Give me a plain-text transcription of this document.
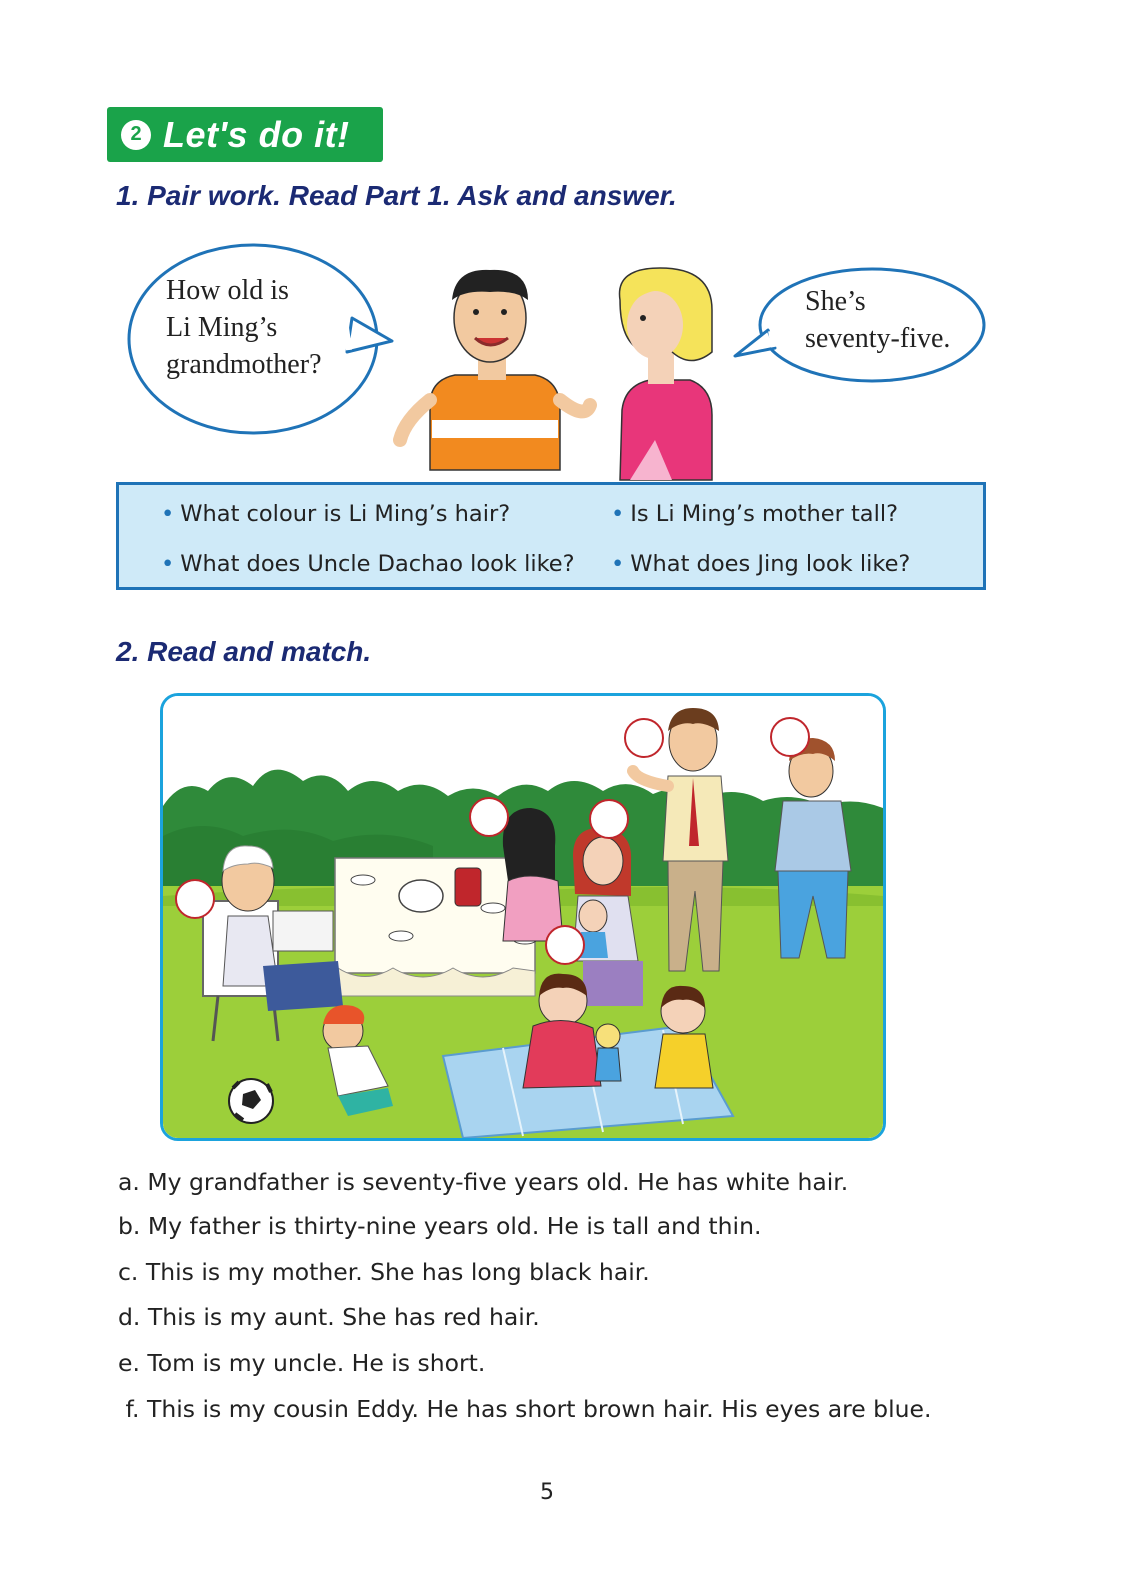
2 Let's do it!
1. Pair work. Read Part 1. Ask and answer.
How old is
Li Ming’s
grandmother?
She’s
seventy-five.
• What colour is Li Ming’s hair?	• Is Li Ming’s mother tall?
• What does Uncle Dachao look like? • What does Jing look like?
2. Read and match.
a. My grandfather is seventy-five years old. He has white hair.
b. My father is thirty-nine years old. He is tall and thin.
c. This is my mother. She has long black hair.
d. This is my aunt. She has red hair.
e. Tom is my uncle. He is short.
f. This is my cousin Eddy. He has short brown hair. His eyes are blue.
5
